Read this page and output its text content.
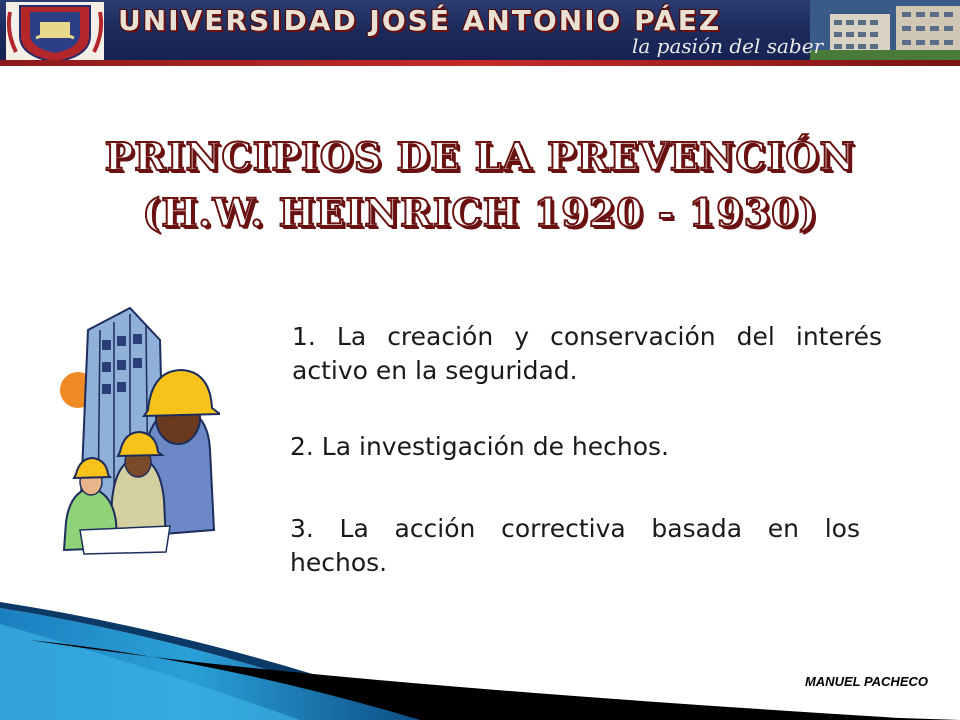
UNIVERSIDAD JOSÉ ANTONIO PÁEZ
la pasión del saber
PRINCIPIOS DE LA PREVENCIÓN
(H.W. HEINRICH 1920 - 1930)
1. La creación y conservación del interés activo en la seguridad.
2. La investigación de hechos.
3. La acción correctiva basada en los hechos.
MANUEL PACHECO
